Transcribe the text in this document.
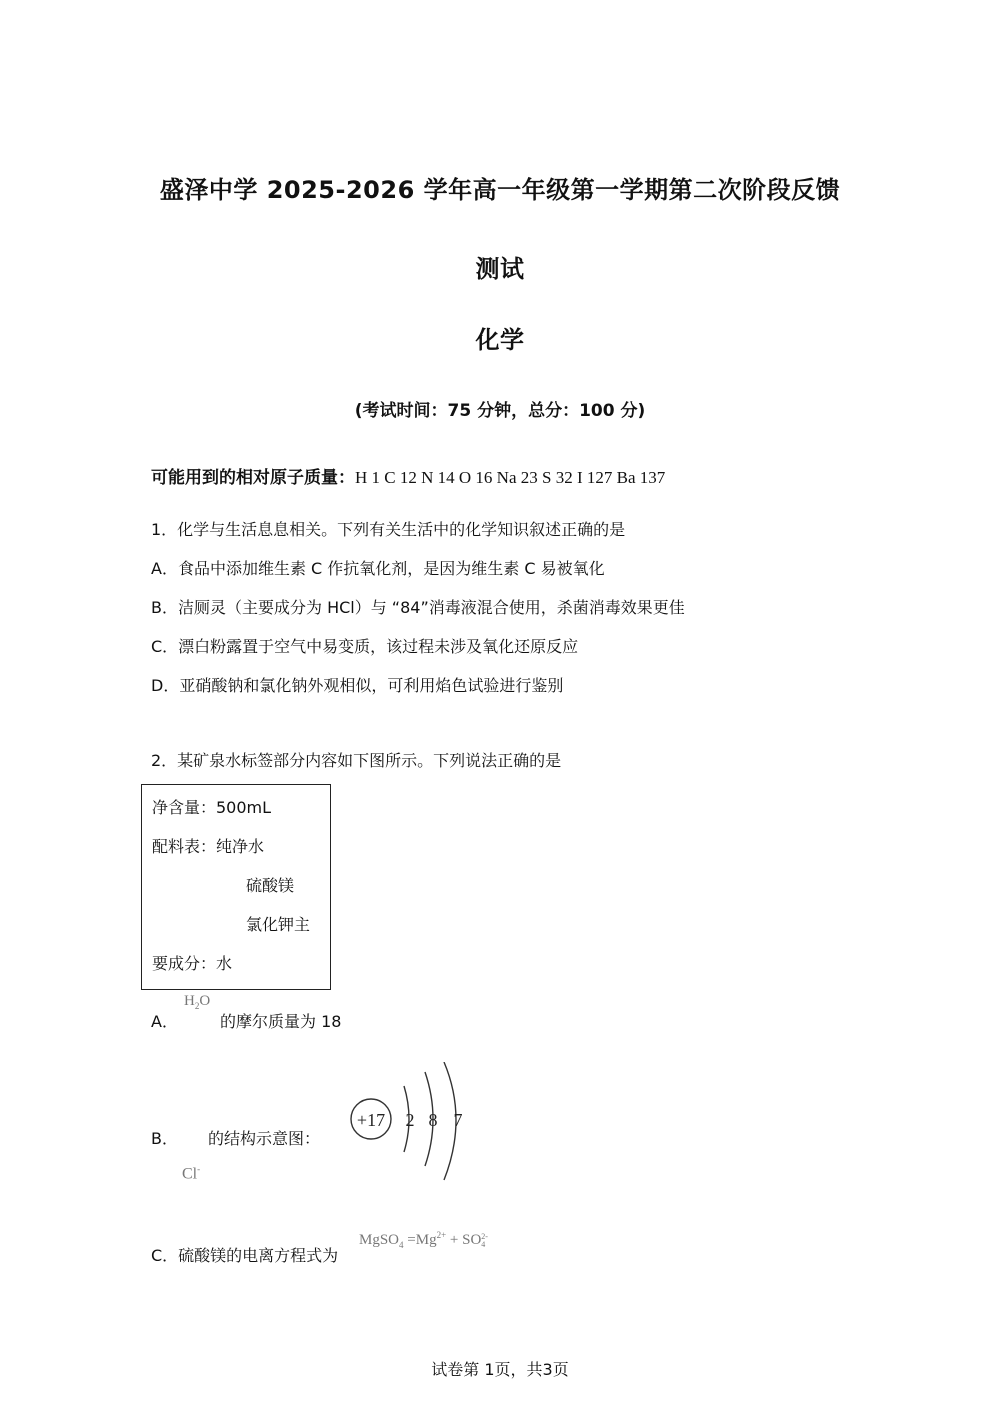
盛泽中学 2025-2026 学年高一年级第一学期第二次阶段反馈
测试
化学
(考试时间：75 分钟，总分：100 分)
可能用到的相对原子质量：H 1 C 12 N 14 O 16 Na 23 S 32 I 127 Ba 137
1．化学与生活息息相关。下列有关生活中的化学知识叙述正确的是
A．食品中添加维生素 C 作抗氧化剂，是因为维生素 C 易被氧化
B．洁厕灵（主要成分为 HCl）与 “84”消毒液混合使用，杀菌消毒效果更佳
C．漂白粉露置于空气中易变质，该过程未涉及氧化还原反应
D．亚硝酸钠和氯化钠外观相似，可利用焰色试验进行鉴别
2．某矿泉水标签部分内容如下图所示。下列说法正确的是
净含量：500mL
配料表：纯净水
硫酸镁
氯化钾主
要成分：水
A．
$H_2O$
的摩尔质量为 18
B． 的结构示意图：
Cl-
+17 2 8 7
C．硫酸镁的电离方程式为
MgSO$_4$ $=Mg^{2+}$ + SO 2-
4
试卷第 1页，共3页
